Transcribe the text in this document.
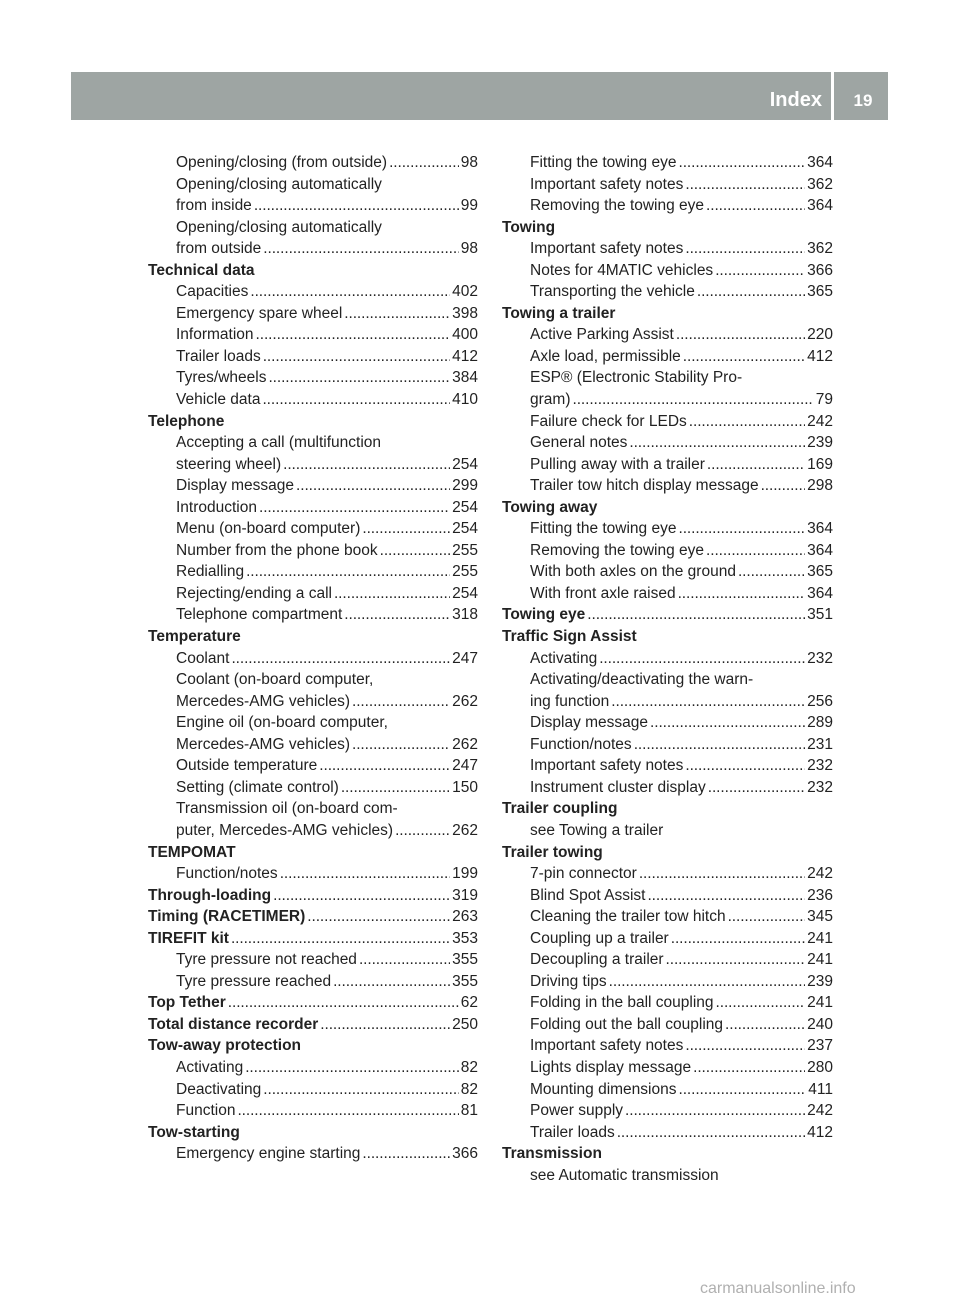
Index	19
Opening/closing (from outside) . . .	98
Opening/closing automatically
from inside . . .	99
Opening/closing automatically
from outside . . .	98
Technical data
Capacities . . .	402
Emergency spare wheel . . .	398
Information . . .	400
Trailer loads . . .	412
Tyres/wheels . . .	384
Vehicle data . . .	410
Telephone
Accepting a call (multifunction
steering wheel) . . .	254
Display message . . .	299
Introduction . . .	254
Menu (on-board computer) . . .	254
Number from the phone book . . .	255
Redialling . . .	255
Rejecting/ending a call . . .	254
Telephone compartment . . .	318
Temperature
Coolant . . .	247
Coolant (on-board computer,
Mercedes-AMG vehicles) . . .	262
Engine oil (on-board computer,
Mercedes-AMG vehicles) . . .	262
Outside temperature . . .	247
Setting (climate control) . . .	150
Transmission oil (on-board com-
puter, Mercedes-AMG vehicles) . . .	262
TEMPOMAT
Function/notes . . .	199
Through-loading . . .	319
Timing (RACETIMER) . . .	263
TIREFIT kit . . .	353
Tyre pressure not reached . . .	355
Tyre pressure reached . . .	355
Top Tether . . .	62
Total distance recorder . . .	250
Tow-away protection
Activating . . .	82
Deactivating . . .	82
Function . . .	81
Tow-starting
Emergency engine starting . . .	366
Fitting the towing eye . . .	364
Important safety notes . . .	362
Removing the towing eye . . .	364
Towing
Important safety notes . . .	362
Notes for 4MATIC vehicles . . .	366
Transporting the vehicle . . .	365
Towing a trailer
Active Parking Assist . . .	220
Axle load, permissible . . .	412
ESP® (Electronic Stability Pro-
gram) . . .	79
Failure check for LEDs . . .	242
General notes . . .	239
Pulling away with a trailer . . .	169
Trailer tow hitch display message . . .	298
Towing away
Fitting the towing eye . . .	364
Removing the towing eye . . .	364
With both axles on the ground . . .	365
With front axle raised . . .	364
Towing eye . . .	351
Traffic Sign Assist
Activating . . .	232
Activating/deactivating the warn-
ing function . . .	256
Display message . . .	289
Function/notes . . .	231
Important safety notes . . .	232
Instrument cluster display . . .	232
Trailer coupling
see Towing a trailer
Trailer towing
7-pin connector . . .	242
Blind Spot Assist . . .	236
Cleaning the trailer tow hitch . . .	345
Coupling up a trailer . . .	241
Decoupling a trailer . . .	241
Driving tips . . .	239
Folding in the ball coupling . . .	241
Folding out the ball coupling . . .	240
Important safety notes . . .	237
Lights display message . . .	280
Mounting dimensions . . .	411
Power supply . . .	242
Trailer loads . . .	412
Transmission
see Automatic transmission
carmanualsonline.info
